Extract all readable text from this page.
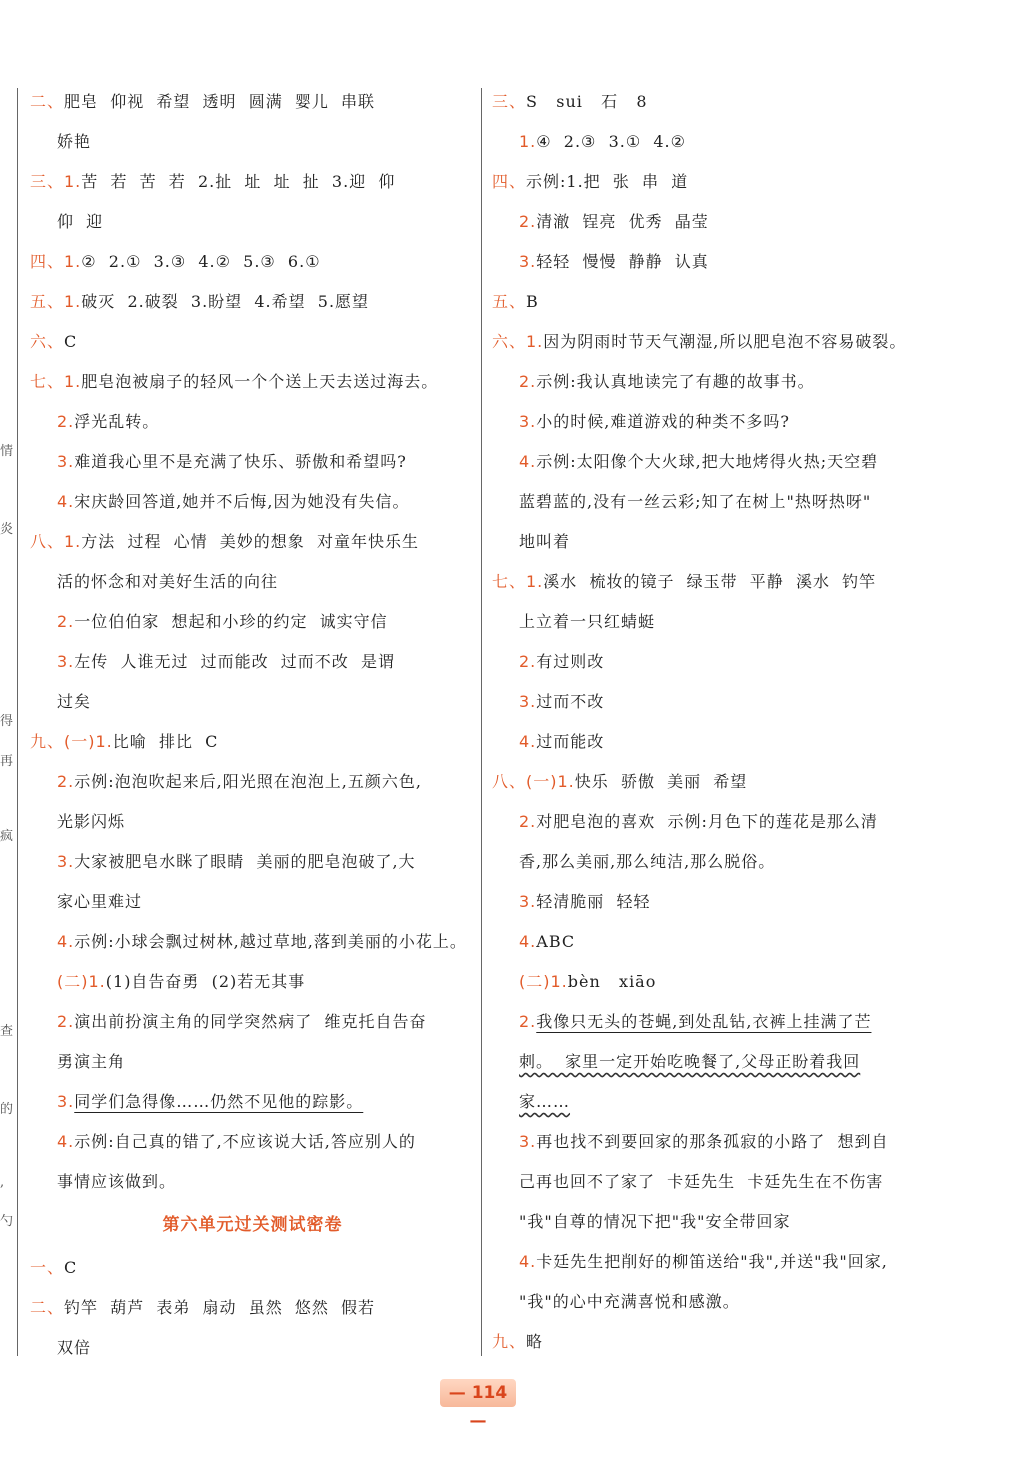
情
炎
得
再
疯
查
的
,
勺
二、肥皂  仰视  希望  透明  圆满  婴儿  串联
娇艳
三、1.苦  若  苦  若  2.扯  址  址  扯  3.迎  仰
仰  迎
四、1.②  2.①  3.③  4.②  5.③  6.①
五、1.破灭  2.破裂  3.盼望  4.希望  5.愿望
六、C
七、1.肥皂泡被扇子的轻风一个个送上天去送过海去。
2.浮光乱转。
3.难道我心里不是充满了快乐、骄傲和希望吗?
4.宋庆龄回答道,她并不后悔,因为她没有失信。
八、1.方法  过程  心情  美妙的想象  对童年快乐生
活的怀念和对美好生活的向往
2.一位伯伯家  想起和小珍的约定  诚实守信
3.左传  人谁无过  过而能改  过而不改  是谓
过矣
九、(一)1.比喻  排比  C
2.示例:泡泡吹起来后,阳光照在泡泡上,五颜六色,
光影闪烁
3.大家被肥皂水眯了眼睛  美丽的肥皂泡破了,大
家心里难过
4.示例:小球会飘过树林,越过草地,落到美丽的小花上。
(二)1.(1)自告奋勇  (2)若无其事
2.演出前扮演主角的同学突然病了  维克托自告奋
勇演主角
3.同学们急得像……仍然不见他的踪影。
4.示例:自己真的错了,不应该说大话,答应别人的
事情应该做到。
第六单元过关测试密卷
一、C
二、钓竿  葫芦  表弟  扇动  虽然  悠然  假若
双倍
三、S   sui   石   8
1.④  2.③  3.①  4.②
四、示例:1.把  张  串  道
2.清澈  锃亮  优秀  晶莹
3.轻轻  慢慢  静静  认真
五、B
六、1.因为阴雨时节天气潮湿,所以肥皂泡不容易破裂。
2.示例:我认真地读完了有趣的故事书。
3.小的时候,难道游戏的种类不多吗?
4.示例:太阳像个大火球,把大地烤得火热;天空碧
蓝碧蓝的,没有一丝云彩;知了在树上"热呀热呀"
地叫着
七、1.溪水  梳妆的镜子  绿玉带  平静  溪水  钓竿
上立着一只红蜻蜓
2.有过则改
3.过而不改
4.过而能改
八、(一)1.快乐  骄傲  美丽  希望
2.对肥皂泡的喜欢  示例:月色下的莲花是那么清
香,那么美丽,那么纯洁,那么脱俗。
3.轻清脆丽  轻轻
4.ABC
(二)1.bèn   xiāo
2.我像只无头的苍蝇,到处乱钻,衣裤上挂满了芒
刺。  家里一定开始吃晚餐了,父母正盼着我回
家……
3.再也找不到要回家的那条孤寂的小路了  想到自
己再也回不了家了  卡廷先生  卡廷先生在不伤害
"我"自尊的情况下把"我"安全带回家
4.卡廷先生把削好的柳笛送给"我",并送"我"回家,
"我"的心中充满喜悦和感激。
九、略
— 114 —
